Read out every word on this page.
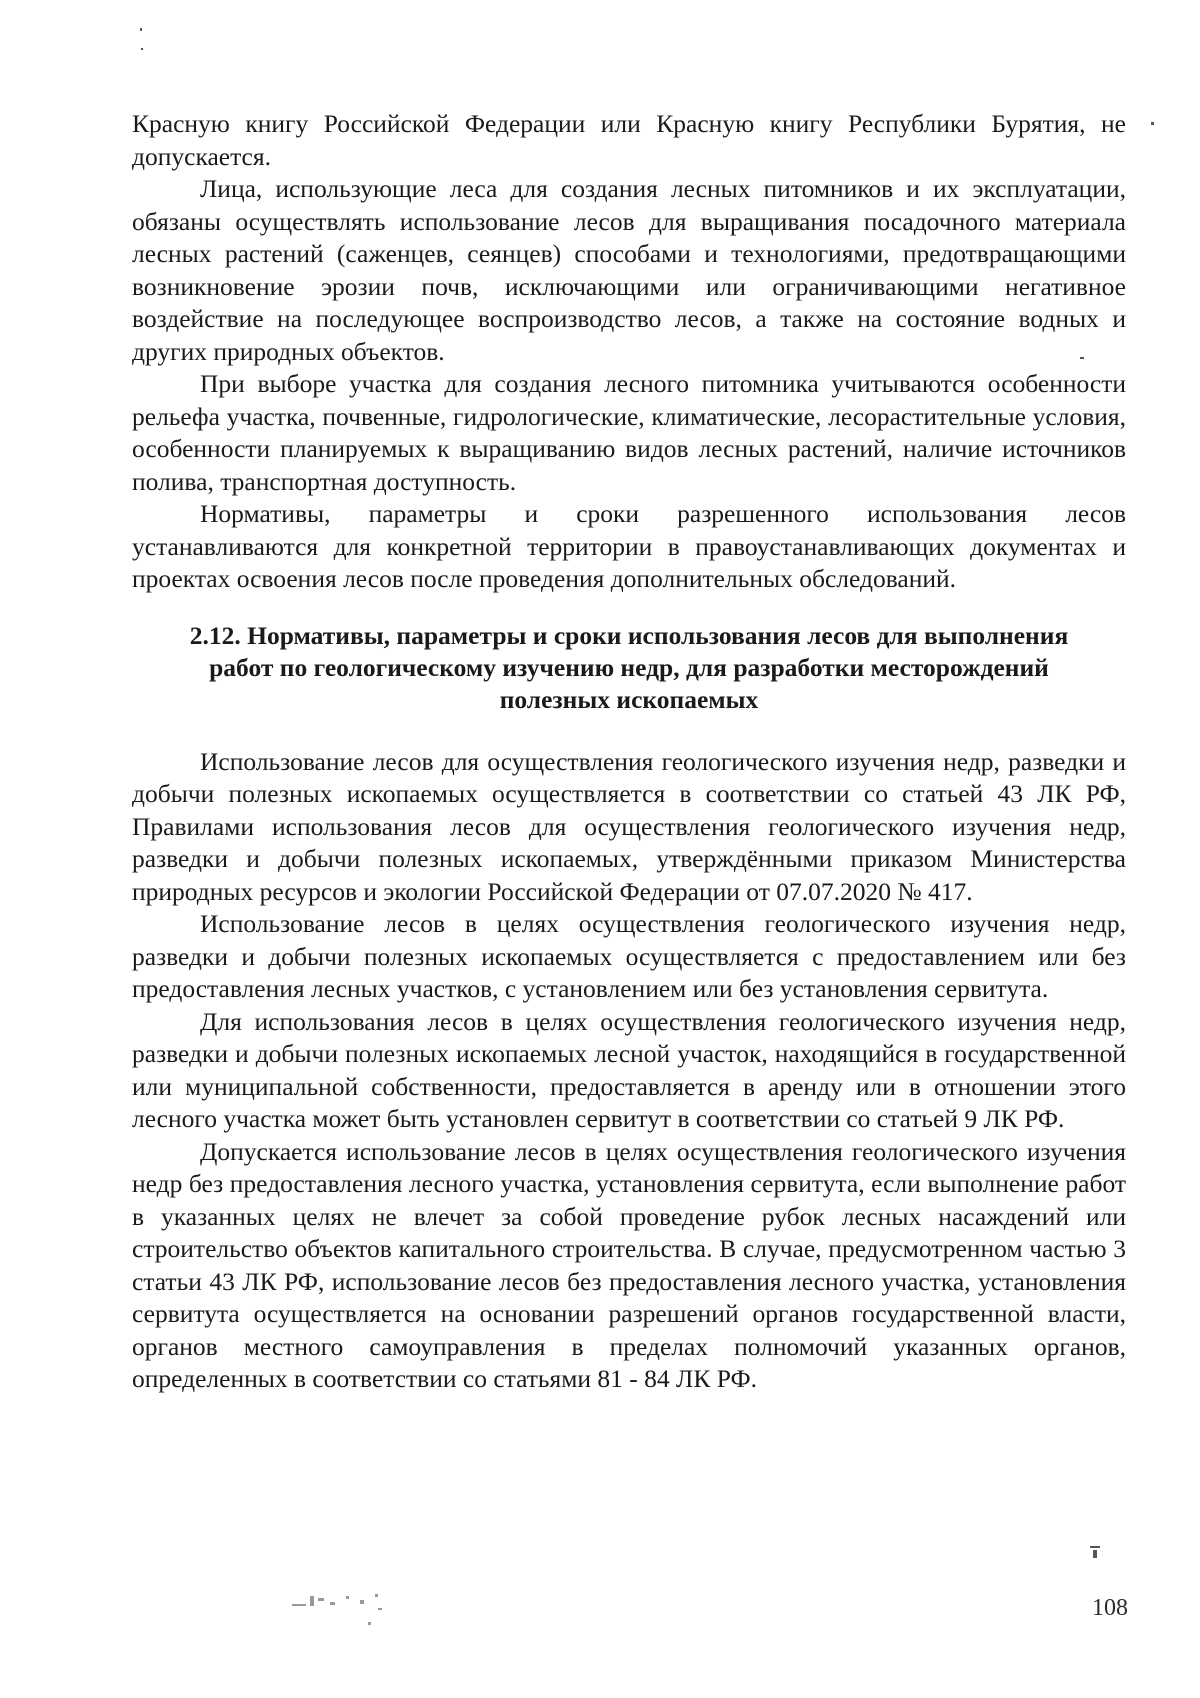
Красную книгу Российской Федерации или Красную книгу Республики Бурятия, не допускается.

Лица, использующие леса для создания лесных питомников и их эксплуатации, обязаны осуществлять использование лесов для выращивания посадочного материала лесных растений (саженцев, сеянцев) способами и технологиями, предотвращающими возникновение эрозии почв, исключающими или ограничивающими негативное воздействие на последующее воспроизводство лесов, а также на состояние водных и других природных объектов.

При выборе участка для создания лесного питомника учитываются особенности рельефа участка, почвенные, гидрологические, климатические, лесорастительные условия, особенности планируемых к выращиванию видов лесных растений, наличие источников полива, транспортная доступность.

Нормативы, параметры и сроки разрешенного использования лесов устанавливаются для конкретной территории в правоустанавливающих документах и проектах освоения лесов после проведения дополнительных обследований.

2.12. Нормативы, параметры и сроки использования лесов для выполнения работ по геологическому изучению недр, для разработки месторождений полезных ископаемых

Использование лесов для осуществления геологического изучения недр, разведки и добычи полезных ископаемых осуществляется в соответствии со статьей 43 ЛК РФ, Правилами использования лесов для осуществления геологического изучения недр, разведки и добычи полезных ископаемых, утверждёнными приказом Министерства природных ресурсов и экологии Российской Федерации от 07.07.2020 № 417.

Использование лесов в целях осуществления геологического изучения недр, разведки и добычи полезных ископаемых осуществляется с предоставлением или без предоставления лесных участков, с установлением или без установления сервитута.

Для использования лесов в целях осуществления геологического изучения недр, разведки и добычи полезных ископаемых лесной участок, находящийся в государственной или муниципальной собственности, предоставляется в аренду или в отношении этого лесного участка может быть установлен сервитут в соответствии со статьей 9 ЛК РФ.

Допускается использование лесов в целях осуществления геологического изучения недр без предоставления лесного участка, установления сервитута, если выполнение работ в указанных целях не влечет за собой проведение рубок лесных насаждений или строительство объектов капитального строительства. В случае, предусмотренном частью 3 статьи 43 ЛК РФ, использование лесов без предоставления лесного участка, установления сервитута осуществляется на основании разрешений органов государственной власти, органов местного самоуправления в пределах полномочий указанных органов, определенных в соответствии со статьями 81 - 84 ЛК РФ.

108
